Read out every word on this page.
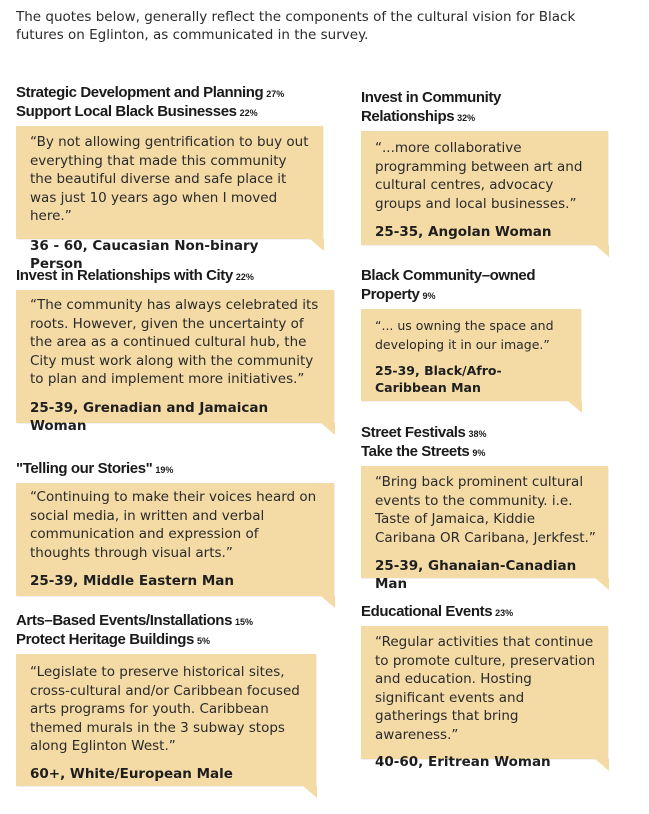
The quotes below, generally reflect the components of the cultural vision for Black futures on Eglinton, as communicated in the survey.
Strategic Development and Planning 27%
Support Local Black Businesses 22%
“By not allowing gentrification to buy out everything that made this community the beautiful diverse and safe place it was just 10 years ago when I moved here.”
36 - 60, Caucasian Non-binary Person
Invest in Community
Relationships 32%
“...more collaborative programming between art and cultural centres, advocacy groups and local businesses.”
25-35, Angolan Woman
Invest in Relationships with City 22%
“The community has always celebrated its roots. However, given the uncertainty of the area as a continued cultural hub, the City must work along with the community to plan and implement more initiatives.”
25-39, Grenadian and Jamaican Woman
Black Community–owned
Property 9%
“... us owning the space and developing it in our image.”
25-39, Black/Afro-Caribbean Man
"Telling our Stories" 19%
“Continuing to make their voices heard on social media, in written and verbal communication and expression of thoughts through visual arts.”
25-39, Middle Eastern Man
Street Festivals 38%
Take the Streets 9%
“Bring back prominent cultural events to the community. i.e. Taste of Jamaica, Kiddie Caribana OR Caribana, Jerkfest.”
25-39, Ghanaian-Canadian Man
Arts–Based Events/Installations 15%
Protect Heritage Buildings 5%
“Legislate to preserve historical sites, cross-cultural and/or Caribbean focused arts programs for youth. Caribbean themed murals in the 3 subway stops along Eglinton West.”
60+, White/European Male
Educational Events 23%
“Regular activities that continue to promote culture, preservation and education. Hosting significant events and gatherings that bring awareness.”
40-60, Eritrean Woman
